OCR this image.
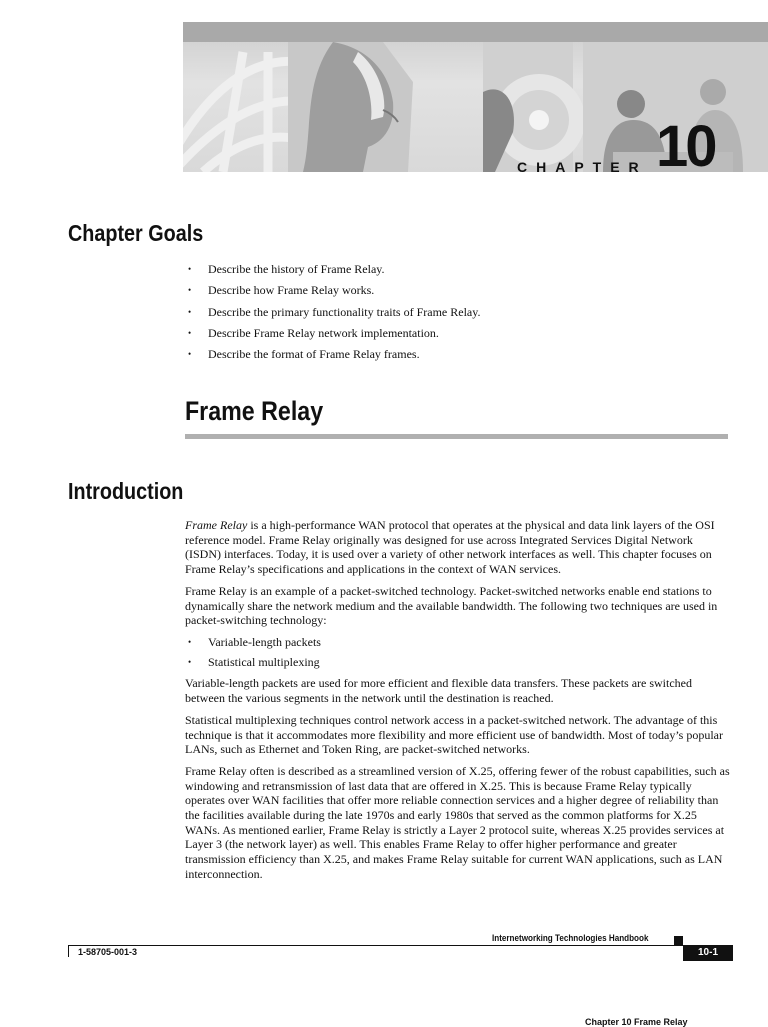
CHAPTER 10
Chapter Goals
• Describe the history of Frame Relay.
• Describe how Frame Relay works.
• Describe the primary functionality traits of Frame Relay.
• Describe Frame Relay network implementation.
• Describe the format of Frame Relay frames.
Frame Relay
Introduction

Frame Relay is a high-performance WAN protocol that operates at the physical and data link layers of the OSI reference model. Frame Relay originally was designed for use across Integrated Services Digital Network (ISDN) interfaces. Today, it is used over a variety of other network interfaces as well. This chapter focuses on Frame Relay’s specifications and applications in the context of WAN services.

Frame Relay is an example of a packet-switched technology. Packet-switched networks enable end stations to dynamically share the network medium and the available bandwidth. The following two techniques are used in packet-switching technology:

• Variable-length packets
• Statistical multiplexing

Variable-length packets are used for more efficient and flexible data transfers. These packets are switched between the various segments in the network until the destination is reached.

Statistical multiplexing techniques control network access in a packet-switched network. The advantage of this technique is that it accommodates more flexibility and more efficient use of bandwidth. Most of today’s popular LANs, such as Ethernet and Token Ring, are packet-switched networks.

Frame Relay often is described as a streamlined version of X.25, offering fewer of the robust capabilities, such as windowing and retransmission of last data that are offered in X.25. This is because Frame Relay typically operates over WAN facilities that offer more reliable connection services and a higher degree of reliability than the facilities available during the late 1970s and early 1980s that served as the common platforms for X.25 WANs. As mentioned earlier, Frame Relay is strictly a Layer 2 protocol suite, whereas X.25 provides services at Layer 3 (the network layer) as well. This enables Frame Relay to offer higher performance and greater transmission efficiency than X.25, and makes Frame Relay suitable for current WAN applications, such as LAN interconnection.

Internetworking Technologies Handbook
1-58705-001-3	10-1
Chapter 10 Frame Relay
